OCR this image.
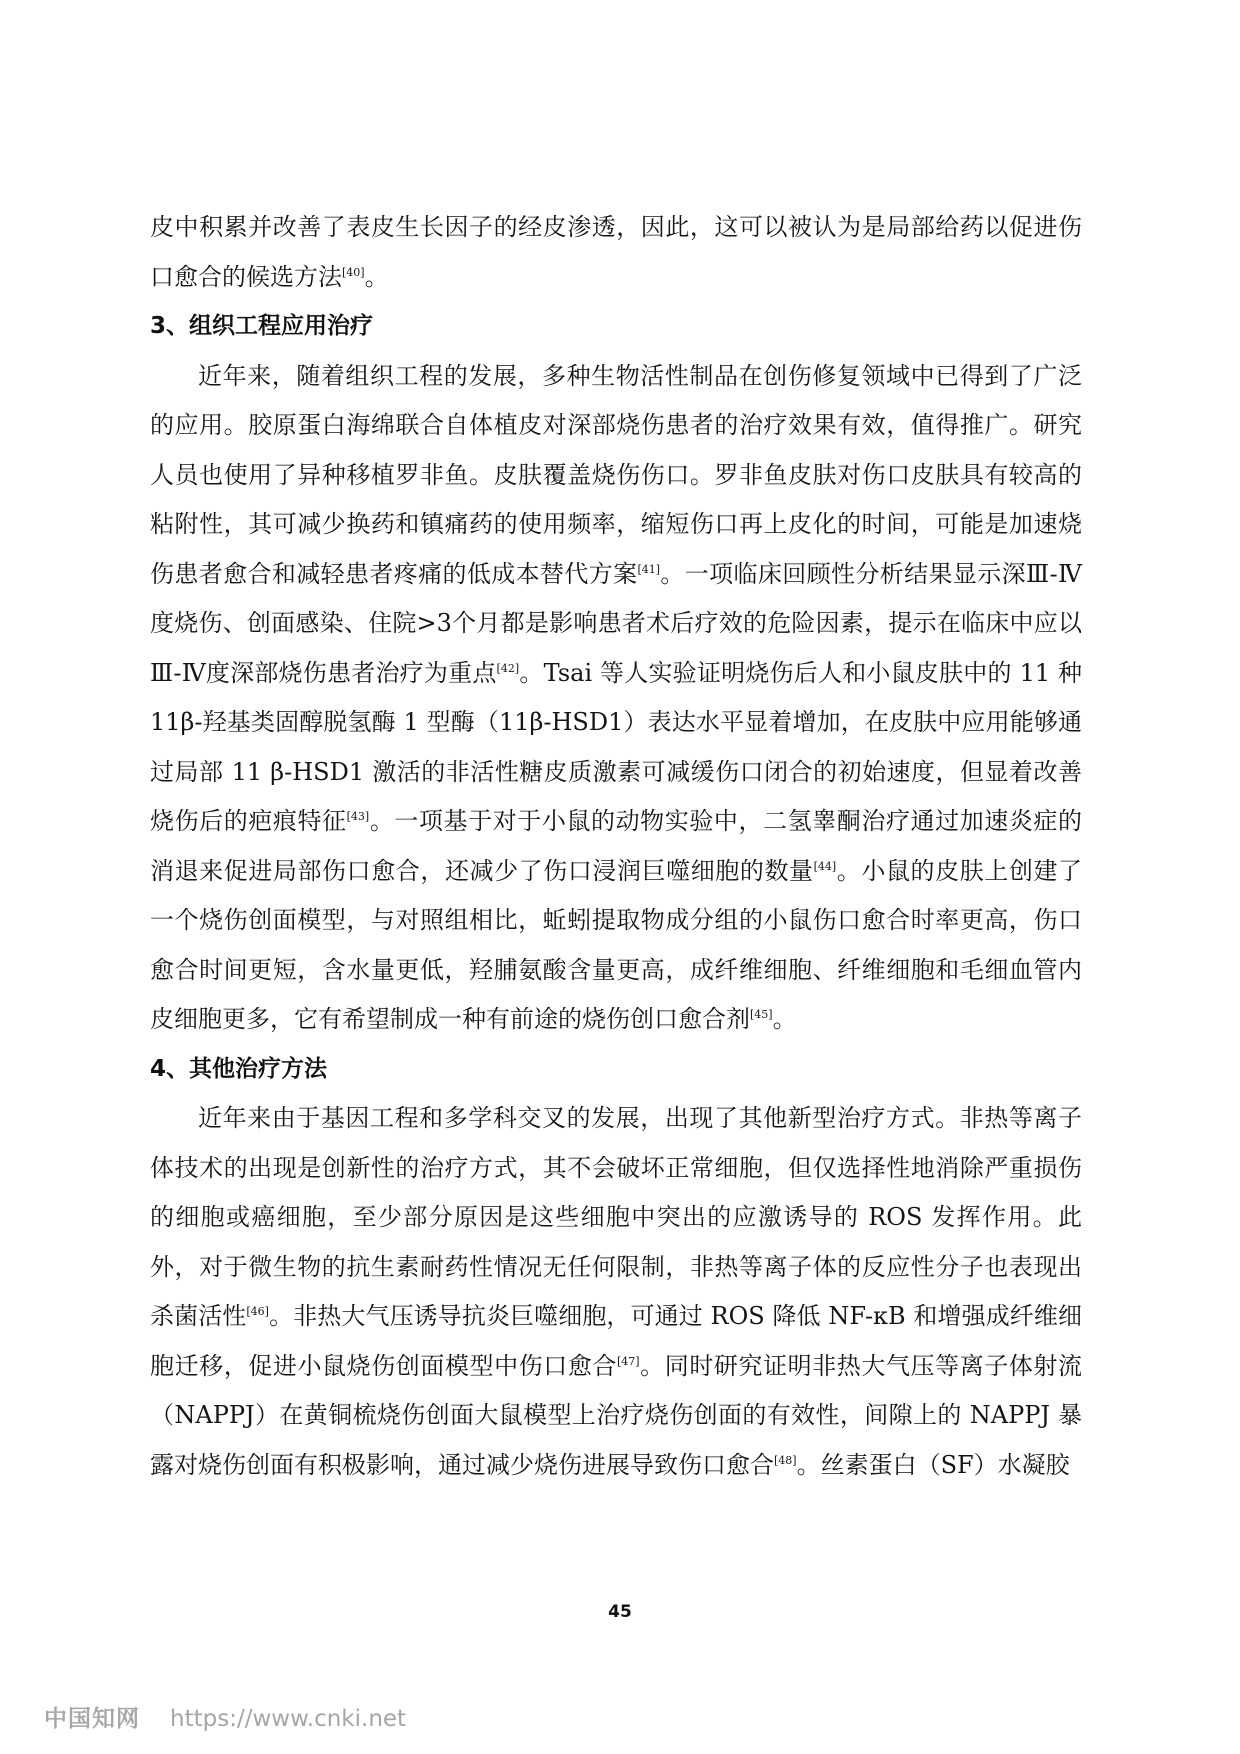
皮中积累并改善了表皮生长因子的经皮渗透，因此，这可以被认为是局部给药以促进伤口愈合的候选方法[40]。

3、组织工程应用治疗

近年来，随着组织工程的发展，多种生物活性制品在创伤修复领域中已得到了广泛的应用。胶原蛋白海绵联合自体植皮对深部烧伤患者的治疗效果有效，值得推广。研究人员也使用了异种移植罗非鱼。皮肤覆盖烧伤伤口。罗非鱼皮肤对伤口皮肤具有较高的粘附性，其可减少换药和镇痛药的使用频率，缩短伤口再上皮化的时间，可能是加速烧伤患者愈合和减轻患者疼痛的低成本替代方案[41]。一项临床回顾性分析结果显示深Ⅲ-Ⅳ度烧伤、创面感染、住院>3个月都是影响患者术后疗效的危险因素，提示在临床中应以Ⅲ-Ⅳ度深部烧伤患者治疗为重点[42]。Tsai 等人实验证明烧伤后人和小鼠皮肤中的 11 种 11β-羟基类固醇脱氢酶 1 型酶（11β-HSD1）表达水平显着增加，在皮肤中应用能够通过局部 11 β-HSD1 激活的非活性糖皮质激素可减缓伤口闭合的初始速度，但显着改善烧伤后的疤痕特征[43]。一项基于对于小鼠的动物实验中，二氢睾酮治疗通过加速炎症的消退来促进局部伤口愈合，还减少了伤口浸润巨噬细胞的数量[44]。小鼠的皮肤上创建了一个烧伤创面模型，与对照组相比，蚯蚓提取物成分组的小鼠伤口愈合时率更高，伤口愈合时间更短，含水量更低，羟脯氨酸含量更高，成纤维细胞、纤维细胞和毛细血管内皮细胞更多，它有希望制成一种有前途的烧伤创口愈合剂[45]。

4、其他治疗方法

近年来由于基因工程和多学科交叉的发展，出现了其他新型治疗方式。非热等离子体技术的出现是创新性的治疗方式，其不会破坏正常细胞，但仅选择性地消除严重损伤的细胞或癌细胞，至少部分原因是这些细胞中突出的应激诱导的 ROS 发挥作用。此外，对于微生物的抗生素耐药性情况无任何限制，非热等离子体的反应性分子也表现出杀菌活性[46]。非热大气压诱导抗炎巨噬细胞，可通过 ROS 降低 NF-κB 和增强成纤维细胞迁移，促进小鼠烧伤创面模型中伤口愈合[47]。同时研究证明非热大气压等离子体射流（NAPPJ）在黄铜梳烧伤创面大鼠模型上治疗烧伤创面的有效性，间隙上的 NAPPJ 暴露对烧伤创面有积极影响，通过减少烧伤进展导致伤口愈合[48]。丝素蛋白（SF）水凝胶

45
中国知网 https://www.cnki.net
